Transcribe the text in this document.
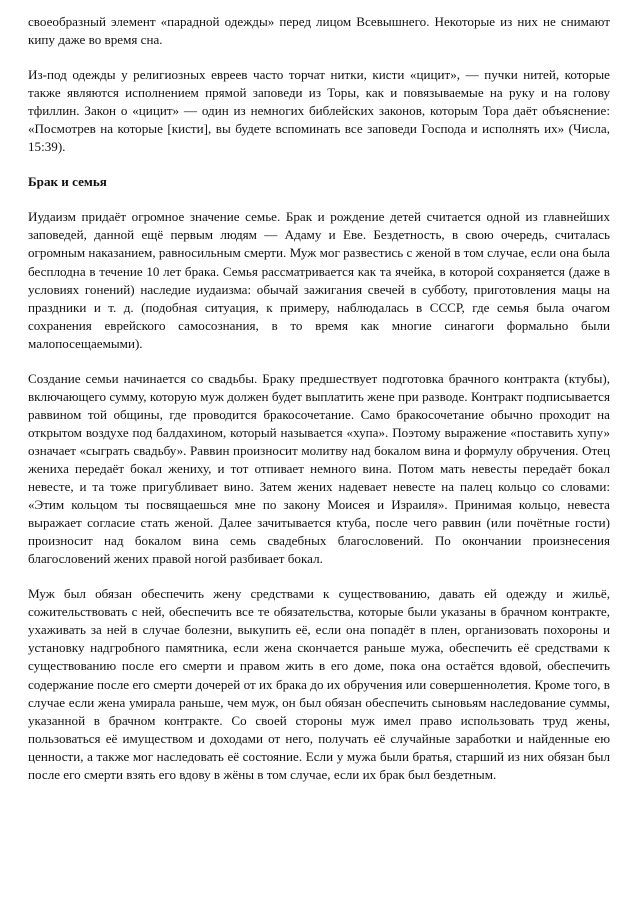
своеобразный элемент «парадной одежды» перед лицом Всевышнего. Некоторые из них не снимают кипу даже во время сна.

Из-под одежды у религиозных евреев часто торчат нитки, кисти «цицит», — пучки нитей, которые также являются исполнением прямой заповеди из Торы, как и повязываемые на руку и на голову тфиллин. Закон о «цицит» — один из немногих библейских законов, которым Тора даёт объяснение: «Посмотрев на которые [кисти], вы будете вспоминать все заповеди Господа и исполнять их» (Числа, 15:39).

Брак и семья

Иудаизм придаёт огромное значение семье. Брак и рождение детей считается одной из главнейших заповедей, данной ещё первым людям — Адаму и Еве. Бездетность, в свою очередь, считалась огромным наказанием, равносильным смерти. Муж мог развестись с женой в том случае, если она была бесплодна в течение 10 лет брака. Семья рассматривается как та ячейка, в которой сохраняется (даже в условиях гонений) наследие иудаизма: обычай зажигания свечей в субботу, приготовления мацы на праздники и т. д. (подобная ситуация, к примеру, наблюдалась в СССР, где семья была очагом сохранения еврейского самосознания, в то время как многие синагоги формально были малопосещаемыми).

Создание семьи начинается со свадьбы. Браку предшествует подготовка брачного контракта (ктубы), включающего сумму, которую муж должен будет выплатить жене при разводе. Контракт подписывается раввином той общины, где проводится бракосочетание. Само бракосочетание обычно проходит на открытом воздухе под балдахином, который называется «хупа». Поэтому выражение «поставить хупу» означает «сыграть свадьбу». Раввин произносит молитву над бокалом вина и формулу обручения. Отец жениха передаёт бокал жениху, и тот отпивает немного вина. Потом мать невесты передаёт бокал невесте, и та тоже пригубливает вино. Затем жених надевает невесте на палец кольцо со словами: «Этим кольцом ты посвящаешься мне по закону Моисея и Израиля». Принимая кольцо, невеста выражает согласие стать женой. Далее зачитывается ктуба, после чего раввин (или почётные гости) произносит над бокалом вина семь свадебных благословений. По окончании произнесения благословений жених правой ногой разбивает бокал.

Муж был обязан обеспечить жену средствами к существованию, давать ей одежду и жильё, сожительствовать с ней, обеспечить все те обязательства, которые были указаны в брачном контракте, ухаживать за ней в случае болезни, выкупить её, если она попадёт в плен, организовать похороны и установку надгробного памятника, если жена скончается раньше мужа, обеспечить её средствами к существованию после его смерти и правом жить в его доме, пока она остаётся вдовой, обеспечить содержание после его смерти дочерей от их брака до их обручения или совершеннолетия. Кроме того, в случае если жена умирала раньше, чем муж, он был обязан обеспечить сыновьям наследование суммы, указанной в брачном контракте. Со своей стороны муж имел право использовать труд жены, пользоваться её имуществом и доходами от него, получать её случайные заработки и найденные ею ценности, а также мог наследовать её состояние. Если у мужа были братья, старший из них обязан был после его смерти взять его вдову в жёны в том случае, если их брак был бездетным.
